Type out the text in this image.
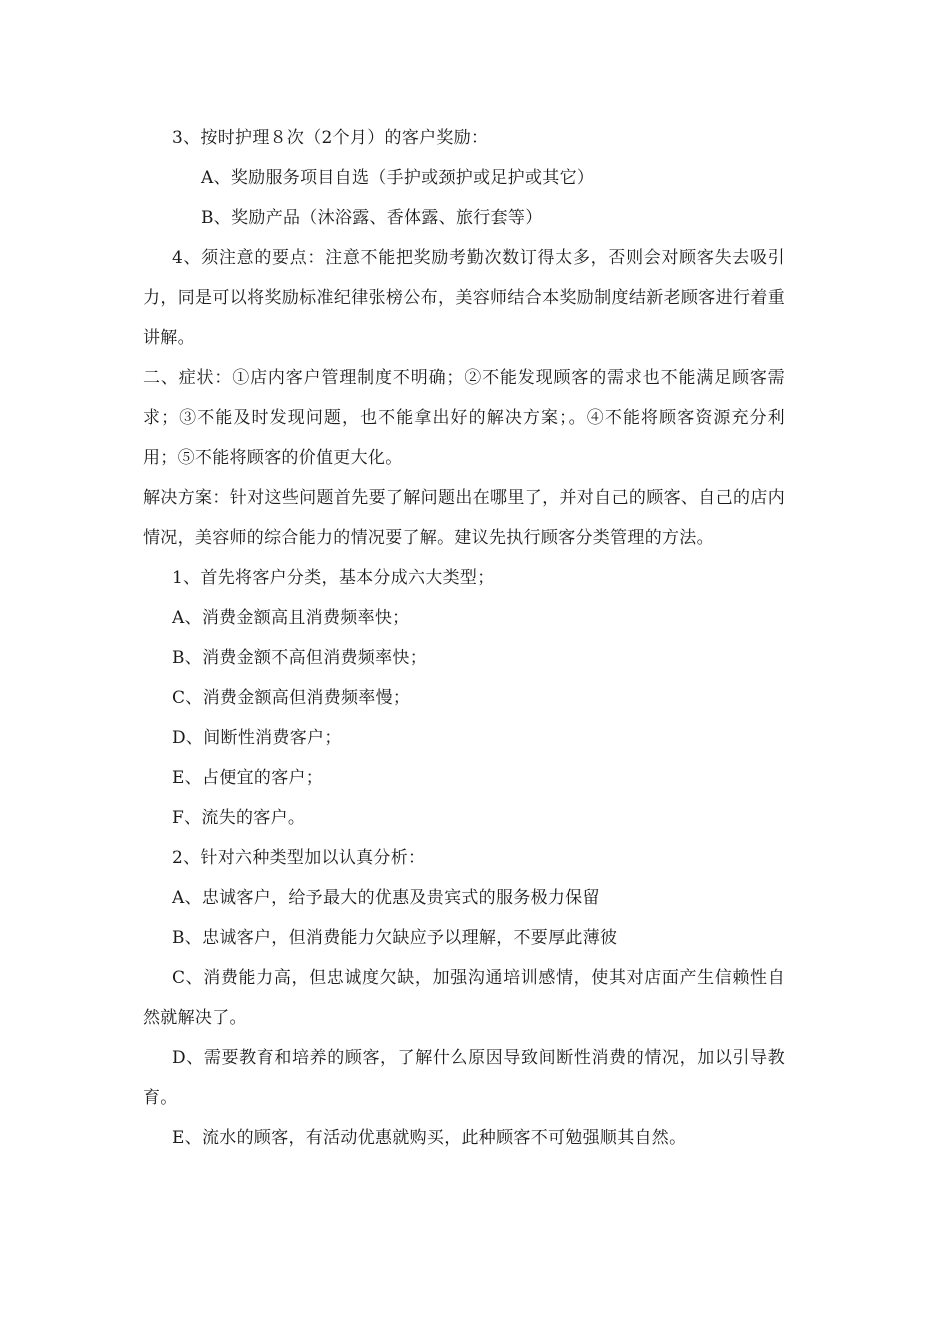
3、按时护理８次（2个月）的客户奖励：

A、奖励服务项目自选（手护或颈护或足护或其它）

B、奖励产品（沐浴露、香体露、旅行套等）

4、须注意的要点：注意不能把奖励考勤次数订得太多，否则会对顾客失去吸引力，同是可以将奖励标准纪律张榜公布，美容师结合本奖励制度结新老顾客进行着重讲解。

二、症状：①店内客户管理制度不明确；②不能发现顾客的需求也不能满足顾客需求；③不能及时发现问题，也不能拿出好的解决方案；。④不能将顾客资源充分利用；⑤不能将顾客的价值更大化。

解决方案：针对这些问题首先要了解问题出在哪里了，并对自己的顾客、自己的店内情况，美容师的综合能力的情况要了解。建议先执行顾客分类管理的方法。

1、首先将客户分类，基本分成六大类型；

A、消费金额高且消费频率快；

B、消费金额不高但消费频率快；

C、消费金额高但消费频率慢；

D、间断性消费客户；

E、占便宜的客户；

F、流失的客户。

2、针对六种类型加以认真分析：

A、忠诚客户，给予最大的优惠及贵宾式的服务极力保留

B、忠诚客户，但消费能力欠缺应予以理解，不要厚此薄彼

C、消费能力高，但忠诚度欠缺，加强沟通培训感情，使其对店面产生信赖性自然就解决了。

D、需要教育和培养的顾客，了解什么原因导致间断性消费的情况，加以引导教育。

E、流水的顾客，有活动优惠就购买，此种顾客不可勉强顺其自然。
